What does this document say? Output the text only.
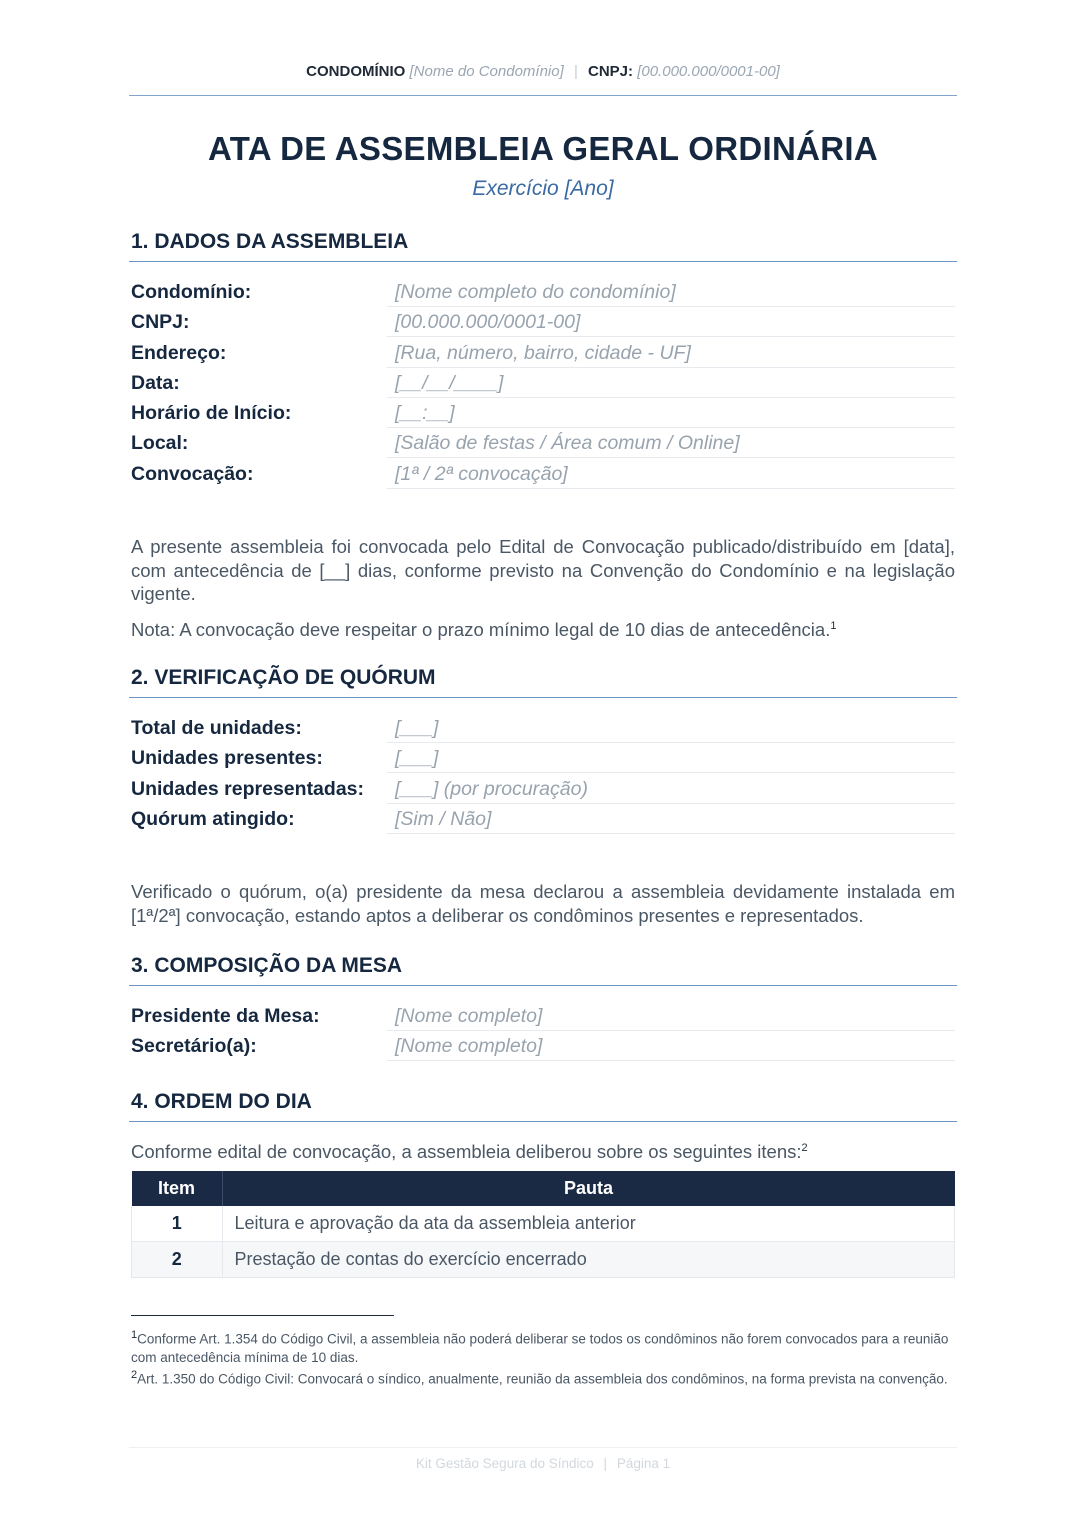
CONDOMÍNIO [Nome do Condomínio] | CNPJ: [00.000.000/0001-00]
ATA DE ASSEMBLEIA GERAL ORDINÁRIA
Exercício [Ano]
1. DADOS DA ASSEMBLEIA
Condomínio:	[Nome completo do condomínio]
CNPJ:	[00.000.000/0001-00]
Endereço:	[Rua, número, bairro, cidade - UF]
Data:	[__/__/____]
Horário de Início:	[__:__]
Local:	[Salão de festas / Área comum / Online]
Convocação:	[1ª / 2ª convocação]
A presente assembleia foi convocada pelo Edital de Convocação publicado/distribuído em [data], com antecedência de [__] dias, conforme previsto na Convenção do Condomínio e na legislação vigente.
Nota: A convocação deve respeitar o prazo mínimo legal de 10 dias de antecedência.$^1$
2. VERIFICAÇÃO DE QUÓRUM
Total de unidades:	[___]
Unidades presentes:	[___]
Unidades representadas:	[___] (por procuração)
Quórum atingido:	[Sim / Não]
Verificado o quórum, o(a) presidente da mesa declarou a assembleia devidamente instalada em [1ª/2ª] convocação, estando aptos a deliberar os condôminos presentes e representados.
3. COMPOSIÇÃO DA MESA
Presidente da Mesa:	[Nome completo]
Secretário(a):	[Nome completo]
4. ORDEM DO DIA
Conforme edital de convocação, a assembleia deliberou sobre os seguintes itens:$^2$
Item	Pauta
1	Leitura e aprovação da ata da assembleia anterior
2	Prestação de contas do exercício encerrado
$^1$Conforme Art. 1.354 do Código Civil, a assembleia não poderá deliberar se todos os condôminos não forem convocados para a reunião com antecedência mínima de 10 dias.
$^2$Art. 1.350 do Código Civil: Convocará o síndico, anualmente, reunião da assembleia dos condôminos, na forma prevista na convenção.
Kit Gestão Segura do Síndico | Página 1
